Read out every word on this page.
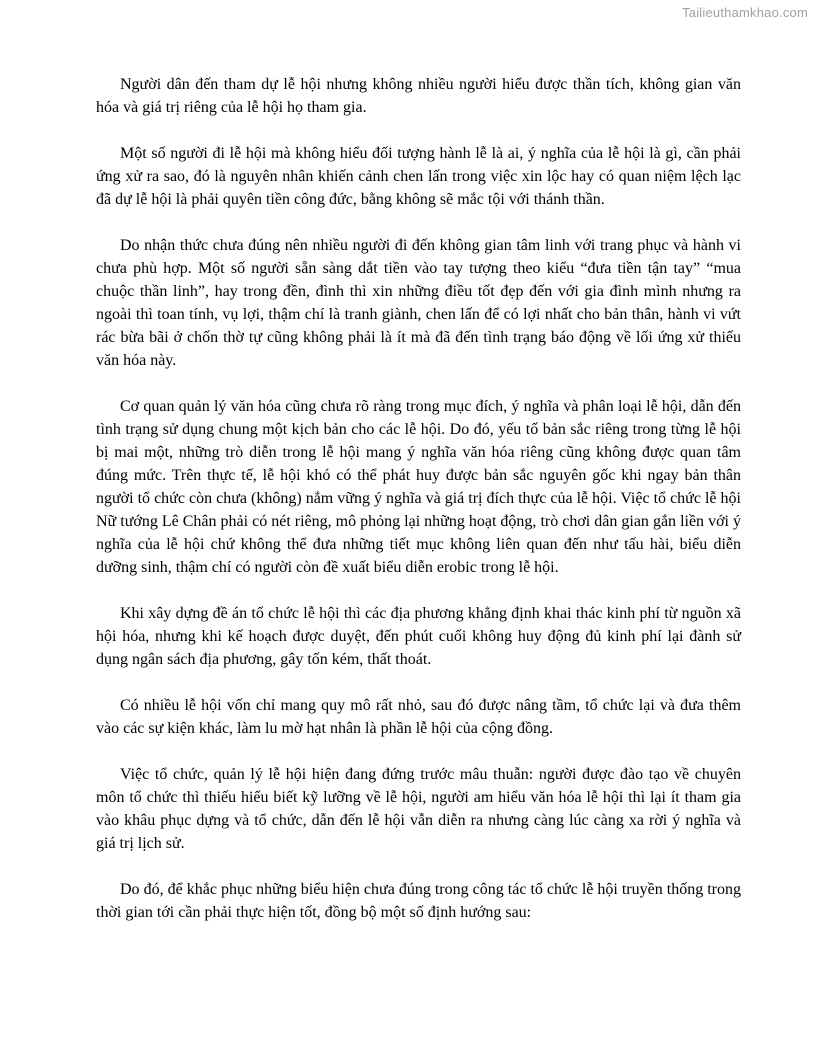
Tailieuthamkhao.com

Người dân đến tham dự lễ hội nhưng không nhiều người hiểu được thần tích, không gian văn hóa và giá trị riêng của lễ hội họ tham gia.

Một số người đi lễ hội mà không hiểu đối tượng hành lễ là ai, ý nghĩa của lễ hội là gì, cần phải ứng xử ra sao, đó là nguyên nhân khiến cảnh chen lấn trong việc xin lộc hay có quan niệm lệch lạc đã dự lễ hội là phải quyên tiền công đức, bằng không sẽ mắc tội với thánh thần.

Do nhận thức chưa đúng nên nhiều người đi đến không gian tâm linh với trang phục và hành vi chưa phù hợp. Một số người sẵn sàng dắt tiền vào tay tượng theo kiểu “đưa tiền tận tay” “mua chuộc thần linh”, hay trong đền, đình thì xin những điều tốt đẹp đến với gia đình mình nhưng ra ngoài thì toan tính, vụ lợi, thậm chí là tranh giành, chen lấn để có lợi nhất cho bản thân, hành vi vứt rác bừa bãi ở chốn thờ tự cũng không phải là ít mà đã đến tình trạng báo động về lối ứng xử thiếu văn hóa này.

Cơ quan quản lý văn hóa cũng chưa rõ ràng trong mục đích, ý nghĩa và phân loại lễ hội, dẫn đến tình trạng sử dụng chung một kịch bản cho các lễ hội. Do đó, yếu tố bản sắc riêng trong từng lễ hội bị mai một, những trò diễn trong lễ hội mang ý nghĩa văn hóa riêng cũng không được quan tâm đúng mức. Trên thực tế, lễ hội khó có thể phát huy được bản sắc nguyên gốc khi ngay bản thân người tổ chức còn chưa (không) nắm vững ý nghĩa và giá trị đích thực của lễ hội. Việc tổ chức lễ hội Nữ tướng Lê Chân phải có nét riêng, mô phỏng lại những hoạt động, trò chơi dân gian gắn liền với ý nghĩa của lễ hội chứ không thể đưa những tiết mục không liên quan đến như tấu hài, biểu diễn dưỡng sinh, thậm chí có người còn đề xuất biểu diễn erobic trong lễ hội.

Khi xây dựng đề án tổ chức lễ hội thì các địa phương khẳng định khai thác kinh phí từ nguồn xã hội hóa, nhưng khi kế hoạch được duyệt, đến phút cuối không huy động đủ kinh phí lại đành sử dụng ngân sách địa phương, gây tốn kém, thất thoát.

Có nhiều lễ hội vốn chỉ mang quy mô rất nhỏ, sau đó được nâng tầm, tổ chức lại và đưa thêm vào các sự kiện khác, làm lu mờ hạt nhân là phần lễ hội của cộng đồng.

Việc tổ chức, quản lý lễ hội hiện đang đứng trước mâu thuẫn: người được đào tạo về chuyên môn tổ chức thì thiếu hiểu biết kỹ lưỡng về lễ hội, người am hiểu văn hóa lễ hội thì lại ít tham gia vào khâu phục dựng và tổ chức, dẫn đến lễ hội vẫn diễn ra nhưng càng lúc càng xa rời ý nghĩa và giá trị lịch sử.

Do đó, để khắc phục những biểu hiện chưa đúng trong công tác tổ chức lễ hội truyền thống trong thời gian tới cần phải thực hiện tốt, đồng bộ một số định hướng sau:
